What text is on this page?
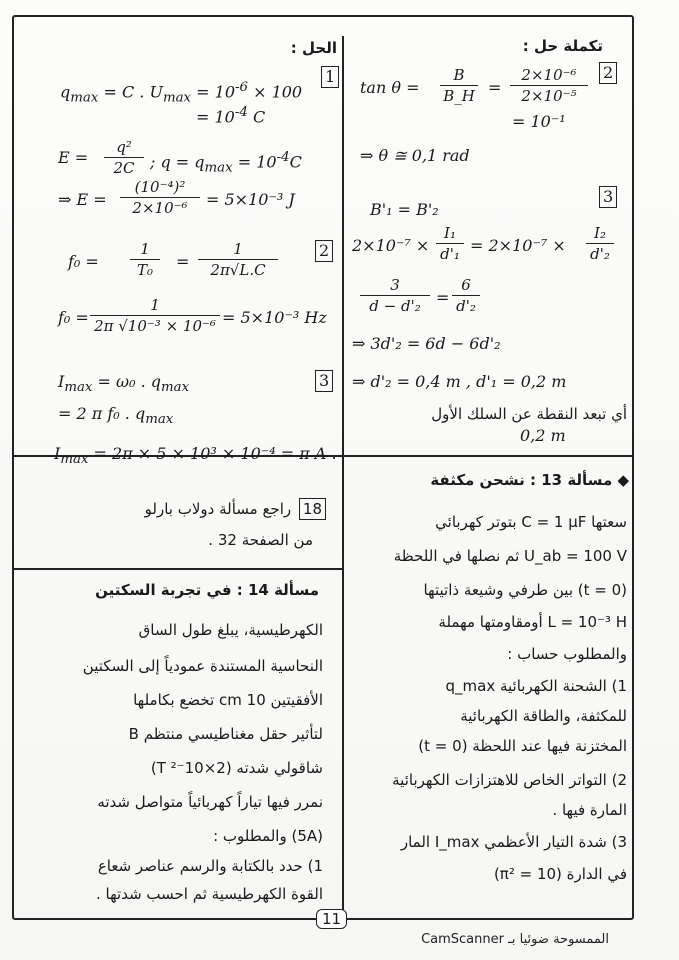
الحل :
1
$q_{max} = C$ . $U_{max} = 10^{-6} \times 100$
= $10^{-4}$ C
E =
q²
2C ; $q = q_{max} = 10^{-4}C$
⇒ E =
(10⁻⁴)²
2×10⁻⁶	= 5×10⁻³ J
2
f₀ =
1
T₀	=
1
2π√L.C
f₀ =
1
2π √10⁻³ × 10⁻⁶ = 5×10⁻³ Hz
3
$I_{max} = \omega_0$ . $q_{max}$
= 2 π f₀ . $q_{max}$
$I_{max} = 2\pi \times 5 \times 10^3 \times 10^{-4} = \pi$ A .
تكملة حل :
2
tan θ =
B
B_H =
2×10⁻⁶
2×10⁻⁵
= 10⁻¹
⇒ θ ≅ 0,1 rad
3
B'₁ = B'₂
2×10⁻⁷ ×
I₁
d'₁ = 2×10⁻⁷ ×
I₂
d'₂
3
d − d'₂ =
6
d'₂
⇒ 3d'₂ = 6d − 6d'₂
⇒ d'₂ = 0,4 m , d'₁ = 0,2 m
أي تبعد النقطة عن السلك الأول
0,2 m
18 راجع مسألة دولاب بارلو
من الصفحة 32 .
مسألة 14 : في تجربة السكتين
الكهرطيسية، يبلغ طول الساق
النحاسية المستندة عمودياً إلى السكتين
الأفقيتين 10 cm تخضع بكاملها
لتأثير حقل مغناطيسي منتظم B
شاقولي شدته (2×10⁻² T)
نمرر فيها تياراً كهربائياً متواصل شدته
(5A) والمطلوب :
1) حدد بالكتابة والرسم عناصر شعاع
القوة الكهرطيسية ثم احسب شدتها .
◆ مسألة 13 : نشحن مكثفة
سعتها C = 1 μF بتوتر كهربائي
U_ab = 100 V ثم نصلها في اللحظة
(t = 0) بين طرفي وشيعة ذاتيتها
L = 10⁻³ H أومقاومتها مهملة
والمطلوب حساب :
1) الشحنة الكهربائية q_max
للمكثفة، والطاقة الكهربائية
المختزنة فيها عند اللحظة (t = 0)
2) التواتر الخاص للاهتزازات الكهربائية
المارة فيها .
3) شدة التيار الأعظمي I_max المار
في الدارة (π² = 10)
11
الممسوحة ضوئيا بـ CamScanner
